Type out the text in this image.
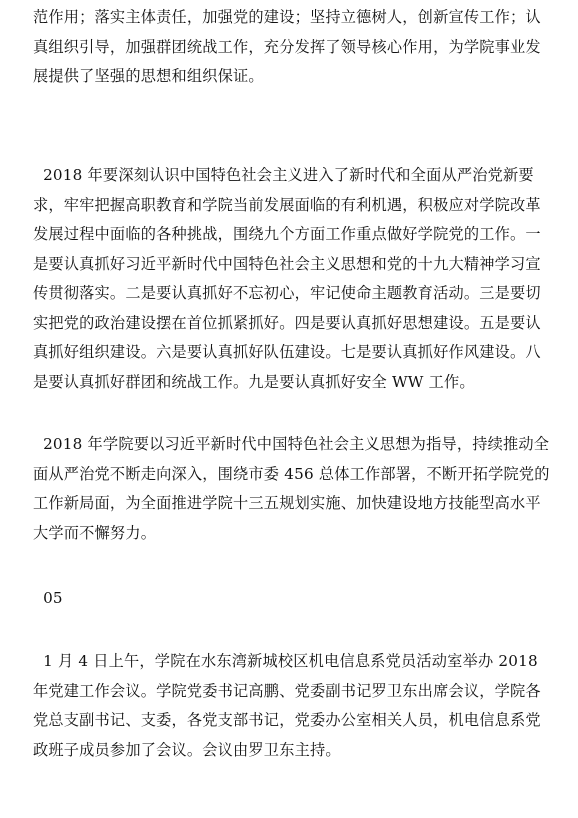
范作用；落实主体责任，加强党的建设；坚持立德树人，创新宣传工作；认真组织引导，加强群团统战工作，充分发挥了领导核心作用，为学院事业发展提供了坚强的思想和组织保证。

2018 年要深刻认识中国特色社会主义进入了新时代和全面从严治党新要求，牢牢把握高职教育和学院当前发展面临的有利机遇，积极应对学院改革发展过程中面临的各种挑战，围绕九个方面工作重点做好学院党的工作。一是要认真抓好习近平新时代中国特色社会主义思想和党的十九大精神学习宣传贯彻落实。二是要认真抓好不忘初心，牢记使命主题教育活动。三是要切实把党的政治建设摆在首位抓紧抓好。四是要认真抓好思想建设。五是要认真抓好组织建设。六是要认真抓好队伍建设。七是要认真抓好作风建设。八是要认真抓好群团和统战工作。九是要认真抓好安全 WW 工作。

2018 年学院要以习近平新时代中国特色社会主义思想为指导，持续推动全面从严治党不断走向深入，围绕市委 456 总体工作部署，不断开拓学院党的工作新局面，为全面推进学院十三五规划实施、加快建设地方技能型高水平大学而不懈努力。

05

1 月 4 日上午，学院在水东湾新城校区机电信息系党员活动室举办 2018 年党建工作会议。学院党委书记高鹏、党委副书记罗卫东出席会议，学院各党总支副书记、支委，各党支部书记，党委办公室相关人员，机电信息系党政班子成员参加了会议。会议由罗卫东主持。
